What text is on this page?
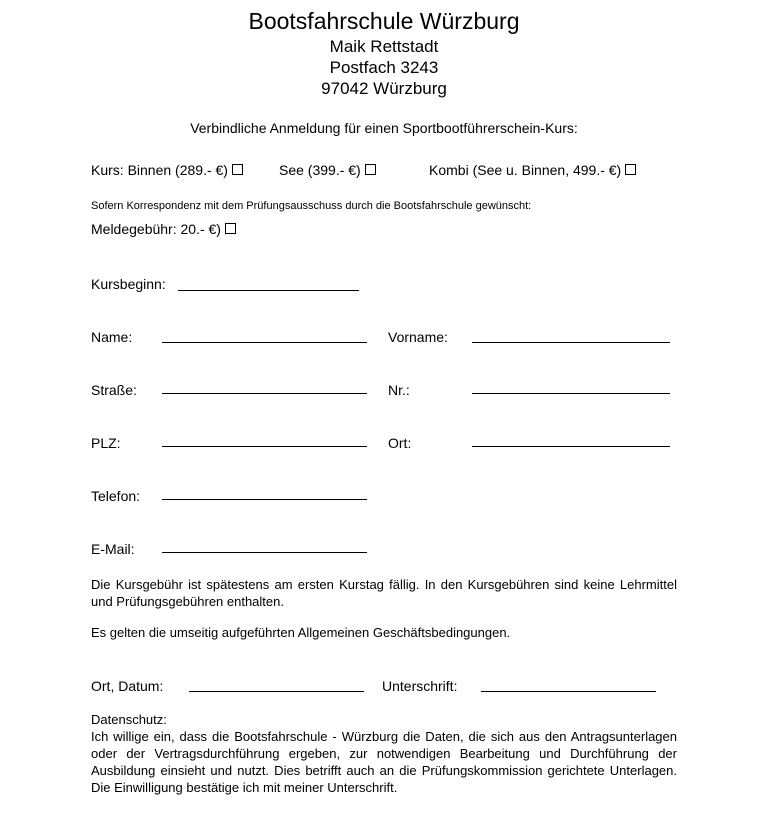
Bootsfahrschule Würzburg
Maik Rettstadt
Postfach 3243
97042 Würzburg
Verbindliche Anmeldung für einen Sportbootführerschein-Kurs:
Kurs: Binnen (289.- €)	See (399.- €)	Kombi (See u. Binnen, 499.- €)
Sofern Korrespondenz mit dem Prüfungsausschuss durch die Bootsfahrschule gewünscht:
Meldegebühr: 20.- €)
Kursbeginn:
Name:	Vorname:
Straße:	Nr.:
PLZ:	Ort:
Telefon:
E-Mail:
Die Kursgebühr ist spätestens am ersten Kurstag fällig. In den Kursgebühren sind keine Lehrmittel und Prüfungsgebühren enthalten.
Es gelten die umseitig aufgeführten Allgemeinen Geschäftsbedingungen.
Ort, Datum:	Unterschrift:
Datenschutz:
Ich willige ein, dass die Bootsfahrschule - Würzburg die Daten, die sich aus den Antragsunterlagen oder der Vertragsdurchführung ergeben, zur notwendigen Bearbeitung und Durchführung der Ausbildung einsieht und nutzt. Dies betrifft auch an die Prüfungskommission gerichtete Unterlagen. Die Einwilligung bestätige ich mit meiner Unterschrift.
